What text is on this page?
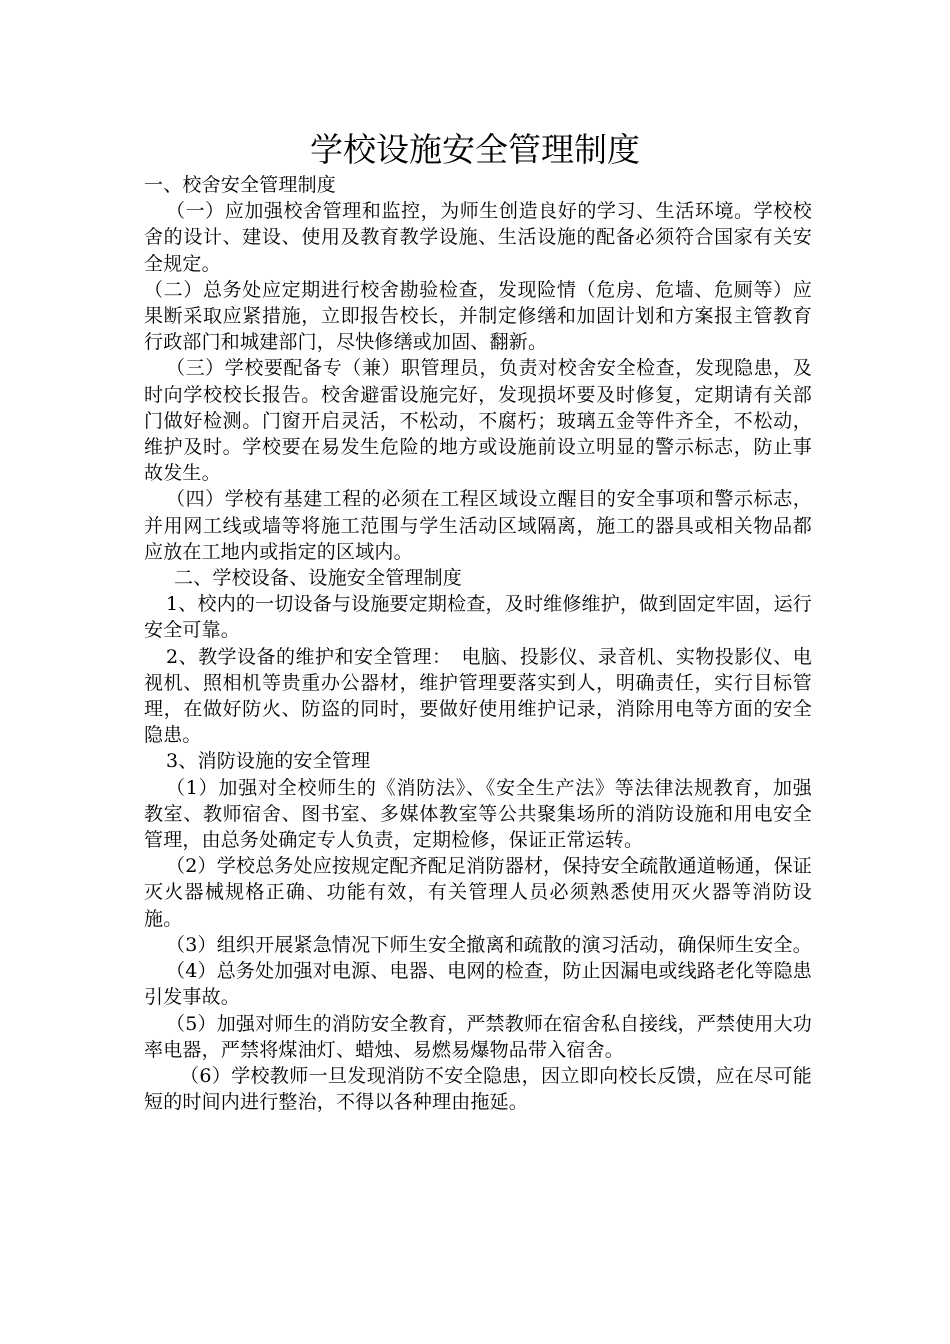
学校设施安全管理制度

一、校舍安全管理制度

（一）应加强校舍管理和监控，为师生创造良好的学习、生活环境。学校校舍的设计、建设、使用及教育教学设施、生活设施的配备必须符合国家有关安全规定。

（二）总务处应定期进行校舍勘验检查，发现险情（危房、危墙、危厕等）应果断采取应紧措施，立即报告校长，并制定修缮和加固计划和方案报主管教育行政部门和城建部门，尽快修缮或加固、翻新。

（三）学校要配备专（兼）职管理员，负责对校舍安全检查，发现隐患，及时向学校校长报告。校舍避雷设施完好，发现损坏要及时修复，定期请有关部门做好检测。门窗开启灵活，不松动，不腐朽；玻璃五金等件齐全，不松动，维护及时。学校要在易发生危险的地方或设施前设立明显的警示标志，防止事故发生。

（四）学校有基建工程的必须在工程区域设立醒目的安全事项和警示标志，并用网工线或墙等将施工范围与学生活动区域隔离，施工的器具或相关物品都应放在工地内或指定的区域内。

二、学校设备、设施安全管理制度

1、校内的一切设备与设施要定期检查，及时维修维护，做到固定牢固，运行安全可靠。

2、教学设备的维护和安全管理：　电脑、投影仪、录音机、实物投影仪、电视机、照相机等贵重办公器材，维护管理要落实到人，明确责任，实行目标管理，在做好防火、防盗的同时，要做好使用维护记录，消除用电等方面的安全隐患。

3、消防设施的安全管理

（1）加强对全校师生的《消防法》、《安全生产法》等法律法规教育，加强教室、教师宿舍、图书室、多媒体教室等公共聚集场所的消防设施和用电安全管理，由总务处确定专人负责，定期检修，保证正常运转。

（2）学校总务处应按规定配齐配足消防器材，保持安全疏散通道畅通，保证灭火器械规格正确、功能有效，有关管理人员必须熟悉使用灭火器等消防设施。

（3）组织开展紧急情况下师生安全撤离和疏散的演习活动，确保师生安全。

（4）总务处加强对电源、电器、电网的检查，防止因漏电或线路老化等隐患引发事故。

（5）加强对师生的消防安全教育，严禁教师在宿舍私自接线，严禁使用大功率电器，严禁将煤油灯、蜡烛、易燃易爆物品带入宿舍。

（6）学校教师一旦发现消防不安全隐患，因立即向校长反馈，应在尽可能短的时间内进行整治，不得以各种理由拖延。
